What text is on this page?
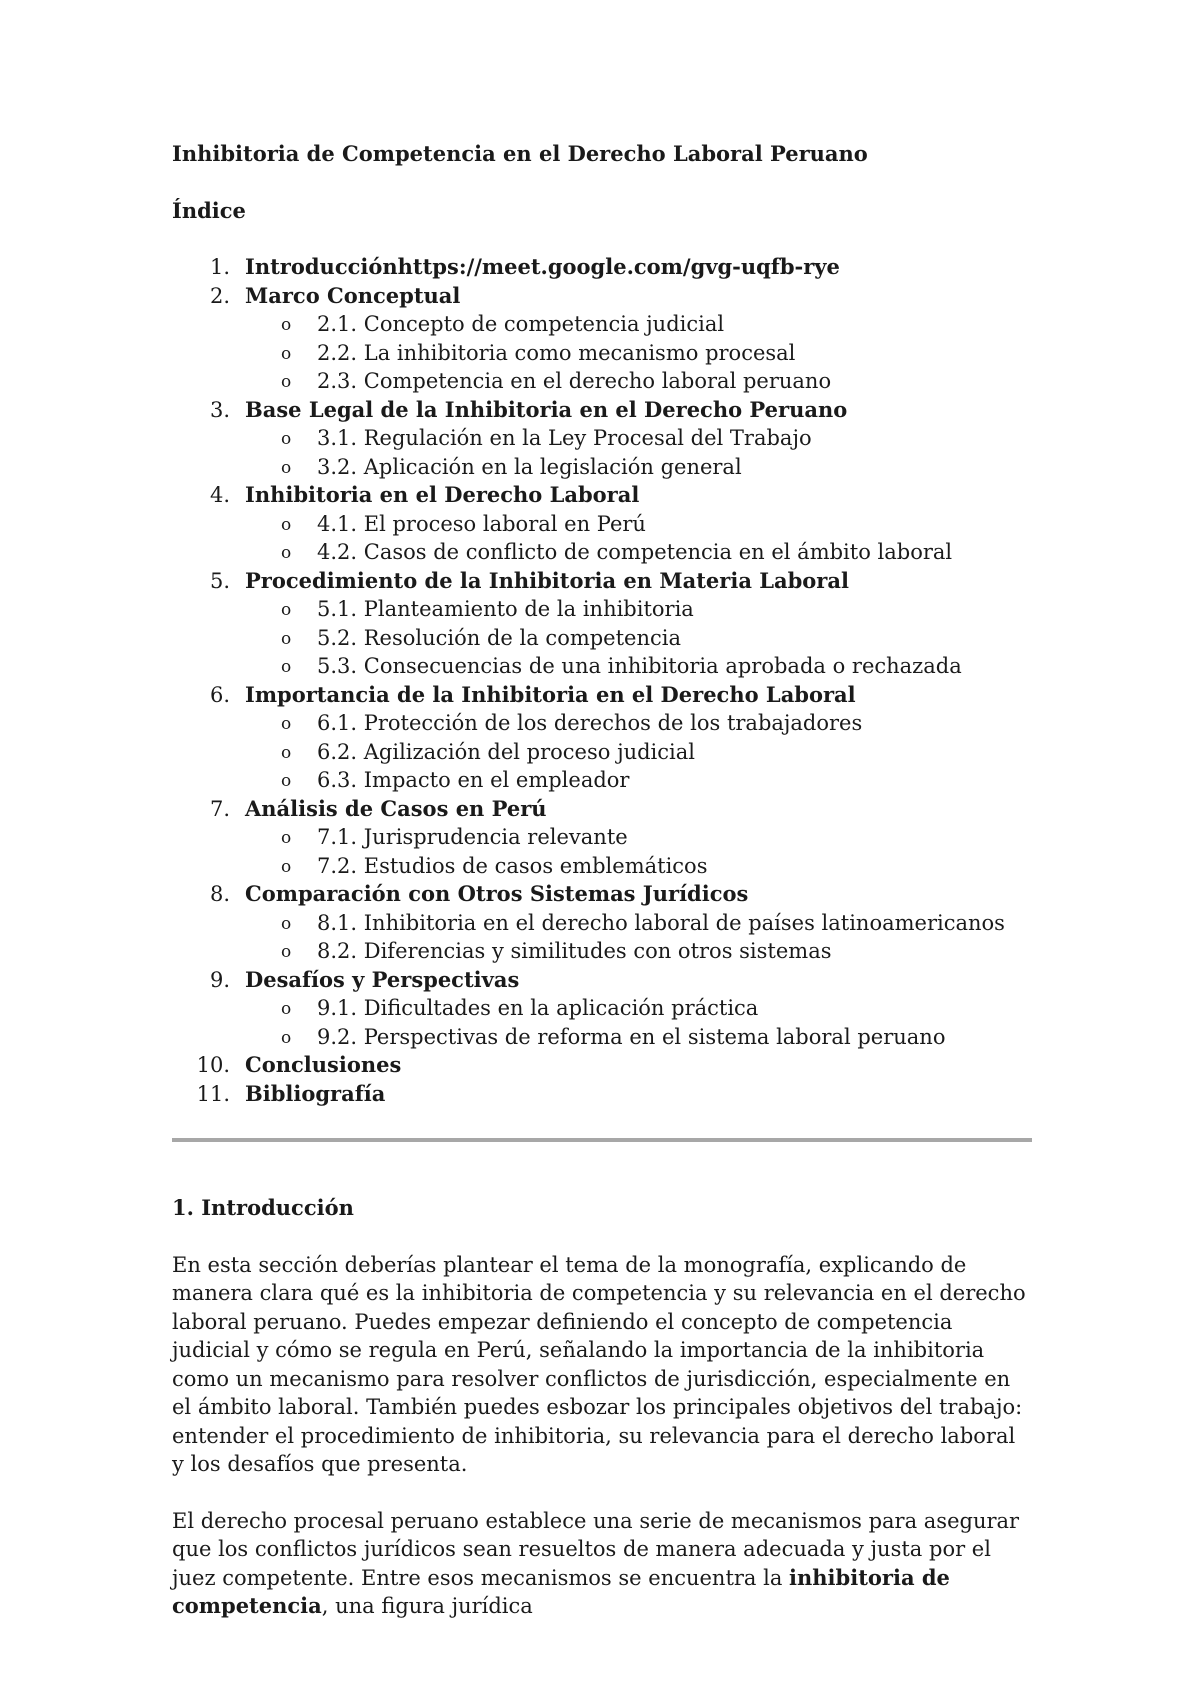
Inhibitoria de Competencia en el Derecho Laboral Peruano
Índice
1. Introducciónhttps://meet.google.com/gvg-uqfb-rye
2. Marco Conceptual
o 2.1. Concepto de competencia judicial
o 2.2. La inhibitoria como mecanismo procesal
o 2.3. Competencia en el derecho laboral peruano
3. Base Legal de la Inhibitoria en el Derecho Peruano
o 3.1. Regulación en la Ley Procesal del Trabajo
o 3.2. Aplicación en la legislación general
4. Inhibitoria en el Derecho Laboral
o 4.1. El proceso laboral en Perú
o 4.2. Casos de conflicto de competencia en el ámbito laboral
5. Procedimiento de la Inhibitoria en Materia Laboral
o 5.1. Planteamiento de la inhibitoria
o 5.2. Resolución de la competencia
o 5.3. Consecuencias de una inhibitoria aprobada o rechazada
6. Importancia de la Inhibitoria en el Derecho Laboral
o 6.1. Protección de los derechos de los trabajadores
o 6.2. Agilización del proceso judicial
o 6.3. Impacto en el empleador
7. Análisis de Casos en Perú
o 7.1. Jurisprudencia relevante
o 7.2. Estudios de casos emblemáticos
8. Comparación con Otros Sistemas Jurídicos
o 8.1. Inhibitoria en el derecho laboral de países latinoamericanos
o 8.2. Diferencias y similitudes con otros sistemas
9. Desafíos y Perspectivas
o 9.1. Dificultades en la aplicación práctica
o 9.2. Perspectivas de reforma en el sistema laboral peruano
10. Conclusiones
11. Bibliografía
1. Introducción

En esta sección deberías plantear el tema de la monografía, explicando de manera clara qué es la inhibitoria de competencia y su relevancia en el derecho laboral peruano. Puedes empezar definiendo el concepto de competencia judicial y cómo se regula en Perú, señalando la importancia de la inhibitoria como un mecanismo para resolver conflictos de jurisdicción, especialmente en el ámbito laboral. También puedes esbozar los principales objetivos del trabajo: entender el procedimiento de inhibitoria, su relevancia para el derecho laboral y los desafíos que presenta.

El derecho procesal peruano establece una serie de mecanismos para asegurar que los conflictos jurídicos sean resueltos de manera adecuada y justa por el juez competente. Entre esos mecanismos se encuentra la inhibitoria de competencia, una figura jurídica
